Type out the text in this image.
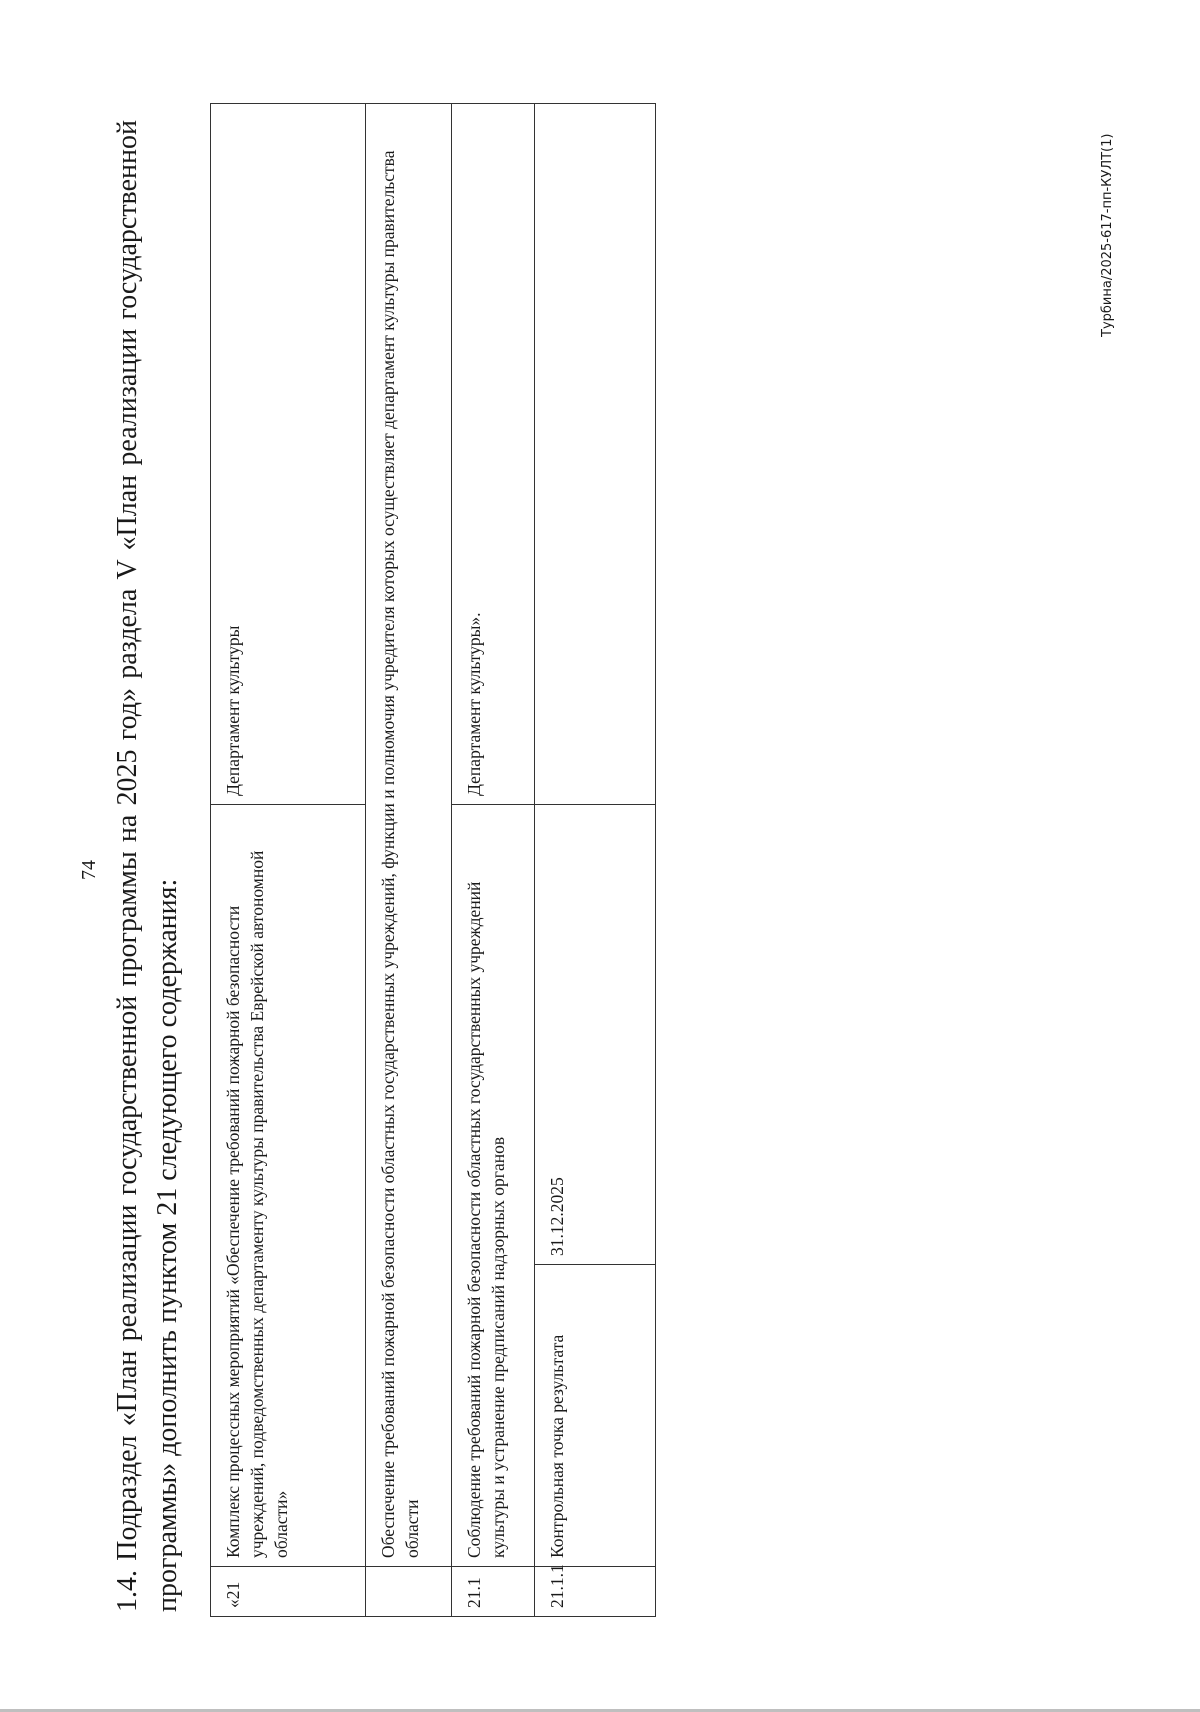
74 1.4. Подраздел «План реализации государственной программы на 2025 год» раздела V «План реализации государственной программы» дополнить пунктом 21 следующего содержания: «21	Комплекс процессных мероприятий «Обеспечение требований пожарной безопасности учреждений, подведомственных департаменту культуры правительства Еврейской автономной области»		Департамент культуры
	Обеспечение требований пожарной безопасности областных государственных учреждений, функции и полномочия учредителя которых осуществляет департамент культуры правительства области		
21.1	Соблюдение требований пожарной безопасности областных государственных учреждений культуры и устранение предписаний надзорных органов		Департамент культуры».
21.1.1	Контрольная точка результата	31.12.2025	
Турбина/2025-617-пп-КУЛТ(1)
